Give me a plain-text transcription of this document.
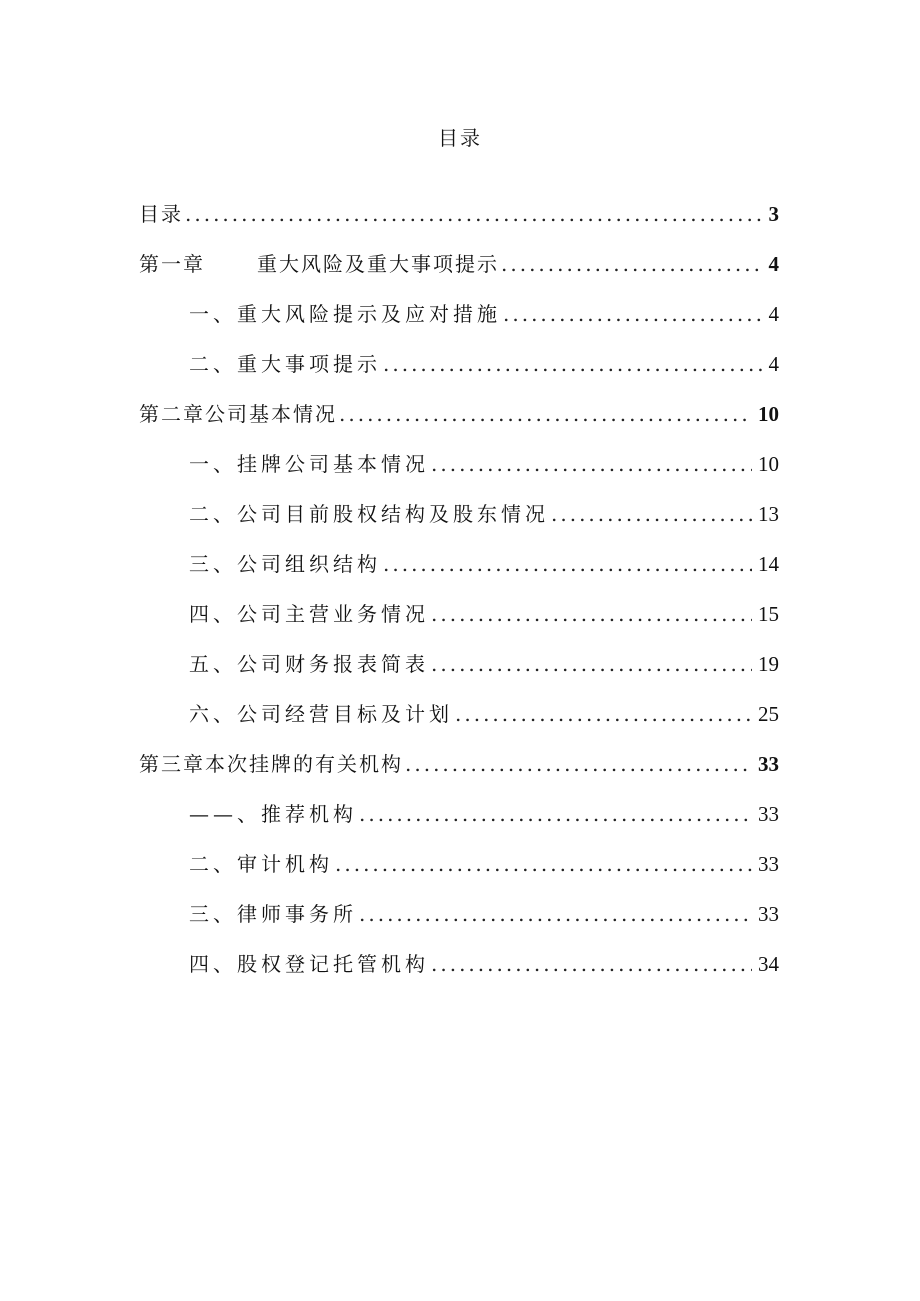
目录
目录 .....	3
第一章	重大风险及重大事项提示 .....	4
一、重大风险提示及应对措施 .....	4
二、重大事项提示 .....	4
第二章公司基本情况 .....	10
一、挂牌公司基本情况 .....	10
二、公司目前股权结构及股东情况 .....	13
三、公司组织结构 .....	14
四、公司主营业务情况 .....	15
五、公司财务报表简表 .....	19
六、公司经营目标及计划 .....	25
第三章本次挂牌的有关机构 .....	33
——、推荐机构 .....	33
二、审计机构 .....	33
三、律师事务所 .....	33
四、股权登记托管机构 .....	34
